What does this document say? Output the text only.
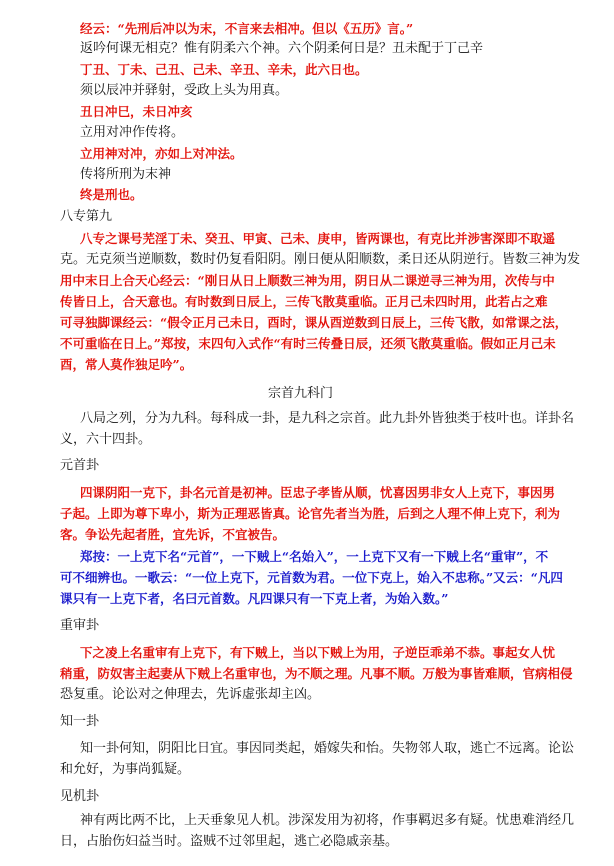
经云：“先刑后冲以为末，不言来去相冲。但以《五历》言。”
返吟何课无相克？惟有阴柔六个神。六个阴柔何日是？丑未配于丁己辛
丁丑、丁未、己丑、己未、辛丑、辛未，此六日也。
须以辰冲并驿射，受政上头为用真。
丑日冲巳，未日冲亥
立用对冲作传将。
立用神对冲，亦如上对冲法。
传将所刑为末神
终是刑也。
八专第九
八专之课号芜淫丁未、癸丑、甲寅、己未、庚申，皆两课也，有克比并涉害深即不取遥
克。无克须当逆顺数，数时仍复看阳阴。刚日便从阳顺数，柔日还从阴逆行。皆数三神为发
用中末日上合天心经云：“刚日从日上顺数三神为用，阴日从二课逆寻三神为用，次传与中
传皆日上，合天意也。有时数到日辰上，三传飞散莫重临。正月己未四时用，此若占之难
可寻独脚课经云：“假令正月己未日，酉时，课从酉逆数到日辰上，三传飞散，如常课之法，
不可重临在日上。”郑按，末四句入式作“有时三传叠日辰，还须飞散莫重临。假如正月己未
酉，常人莫作独足吟”。
宗首九科门
八局之列，分为九科。每科成一卦，是九科之宗首。此九卦外皆独类于枝叶也。详卦名
义，六十四卦。
元首卦
四课阴阳一克下，卦名元首是初神。臣忠子孝皆从顺，忧喜因男非女人上克下，事因男
子起。上即为尊下卑小，斯为正理恶皆真。论官先者当为胜，后到之人理不伸上克下，利为
客。争讼先起者胜，宜先诉，不宜被告。
郑按：一上克下名“元首”，一下贼上“名始入”，一上克下又有一下贼上名“重审”，不
可不细辨也。一歌云：“一位上克下，元首数为君。一位下克上，始入不忠称。”又云：“凡四
课只有一上克下者，名曰元首数。凡四课只有一下克上者，为始入数。”
重审卦
下之凌上名重审有上克下，有下贼上，当以下贼上为用，子逆臣乖弟不恭。事起女人忧
稍重，防奴害主起妻从下贼上名重审也，为不顺之理。凡事不顺。万般为事皆难顺，官病相侵
恐复重。论讼对之伸理去，先诉虚张却主凶。
知一卦
知一卦何知，阴阳比日宜。事因同类起，婚嫁失和怡。失物邻人取，逃亡不远离。论讼
和允好，为事尚狐疑。
见机卦
神有两比两不比，上天垂象见人机。涉深发用为初将，作事羁迟多有疑。忧患难消经几
日，占胎伤妇益当时。盗贼不过邻里起，逃亡必隐戚亲基。
